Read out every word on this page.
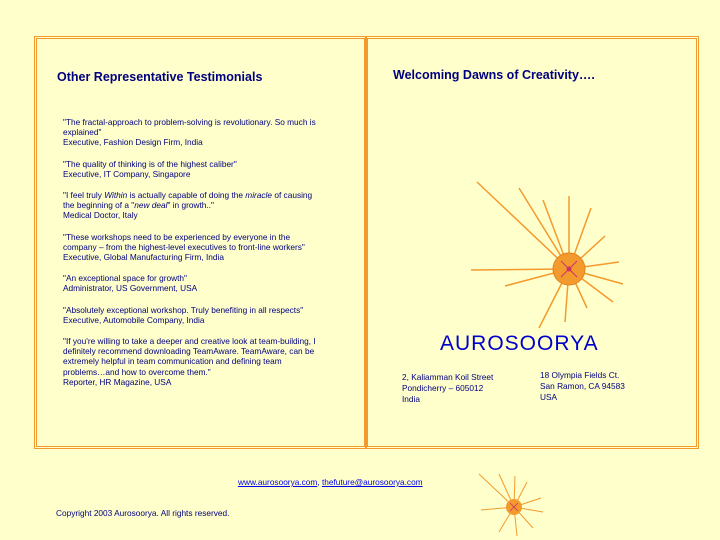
Other Representative Testimonials
"The fractal-approach to problem-solving is revolutionary. So much is explained"
Executive, Fashion Design Firm, India
"The quality of thinking is of the highest caliber"
Executive, IT Company, Singapore
"I feel truly Within is actually capable of doing the miracle of causing the beginning of a "new deal" in growth.."
Medical Doctor, Italy
"These workshops need to be experienced by everyone in the company – from the highest-level executives to front-line workers"
Executive, Global Manufacturing Firm, India
"An exceptional space for growth"
Administrator, US Government, USA
"Absolutely exceptional workshop. Truly benefiting in all respects"
Executive, Automobile Company, India
"If you're willing to take a deeper and creative look at team-building, I definitely recommend downloading TeamAware. TeamAware, can be extremely helpful in team communication and defining team problems…and how to overcome them."
Reporter, HR Magazine, USA
Welcoming Dawns of Creativity….
AUROSOORYA
2, Kaliamman Koil Street
Pondicherry – 605012
India
18 Olympia Fields Ct.
San Ramon, CA 94583
USA
www.aurosoorya.com, thefuture@aurosoorya.com
Copyright 2003 Aurosoorya. All rights reserved.
